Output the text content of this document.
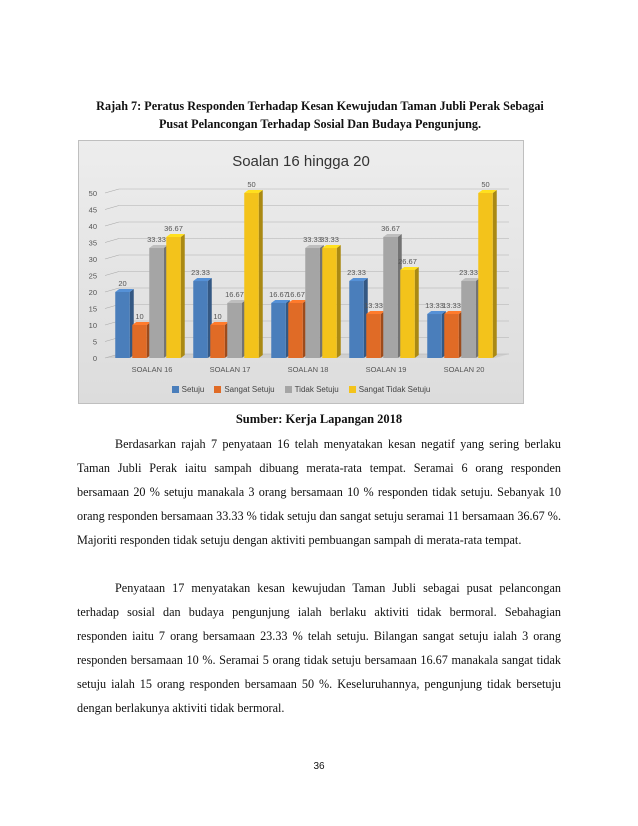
Rajah 7: Peratus Responden Terhadap Kesan Kewujudan Taman Jubli Perak Sebagai
Pusat Pelancongan Terhadap Sosial Dan Budaya Pengunjung.
Soalan 16 hingga 20
0
5
10
15
20
25
30
35
40
45
50
20
10
33.33
36.67
SOALAN 16
23.33
10
16.67
50
SOALAN 17
16.67
16.67
33.33
33.33
SOALAN 18
23.33
13.33
36.67
26.67
SOALAN 19
13.33
13.33
23.33
50
SOALAN 20
Setuju	Sangat Setuju	Tidak Setuju	Sangat Tidak Setuju
Sumber: Kerja Lapangan 2018
Berdasarkan rajah 7 penyataan 16 telah menyatakan kesan negatif yang sering berlaku Taman Jubli Perak iaitu sampah dibuang merata-rata tempat. Seramai 6 orang responden bersamaan 20 % setuju manakala 3 orang bersamaan 10 % responden tidak setuju. Sebanyak 10 orang responden bersamaan 33.33 % tidak setuju dan sangat setuju seramai 11 bersamaan 36.67 %. Majoriti responden tidak setuju dengan aktiviti pembuangan sampah di merata-rata tempat.
Penyataan 17 menyatakan kesan kewujudan Taman Jubli sebagai pusat pelancongan terhadap sosial dan budaya pengunjung ialah berlaku aktiviti tidak bermoral. Sebahagian responden iaitu 7 orang bersamaan 23.33 % telah setuju. Bilangan sangat setuju ialah 3 orang responden bersamaan 10 %. Seramai 5 orang tidak setuju bersamaan 16.67 manakala sangat tidak setuju ialah 15 orang responden bersamaan 50 %. Keseluruhannya, pengunjung tidak bersetuju dengan berlakunya aktiviti tidak bermoral.
36
